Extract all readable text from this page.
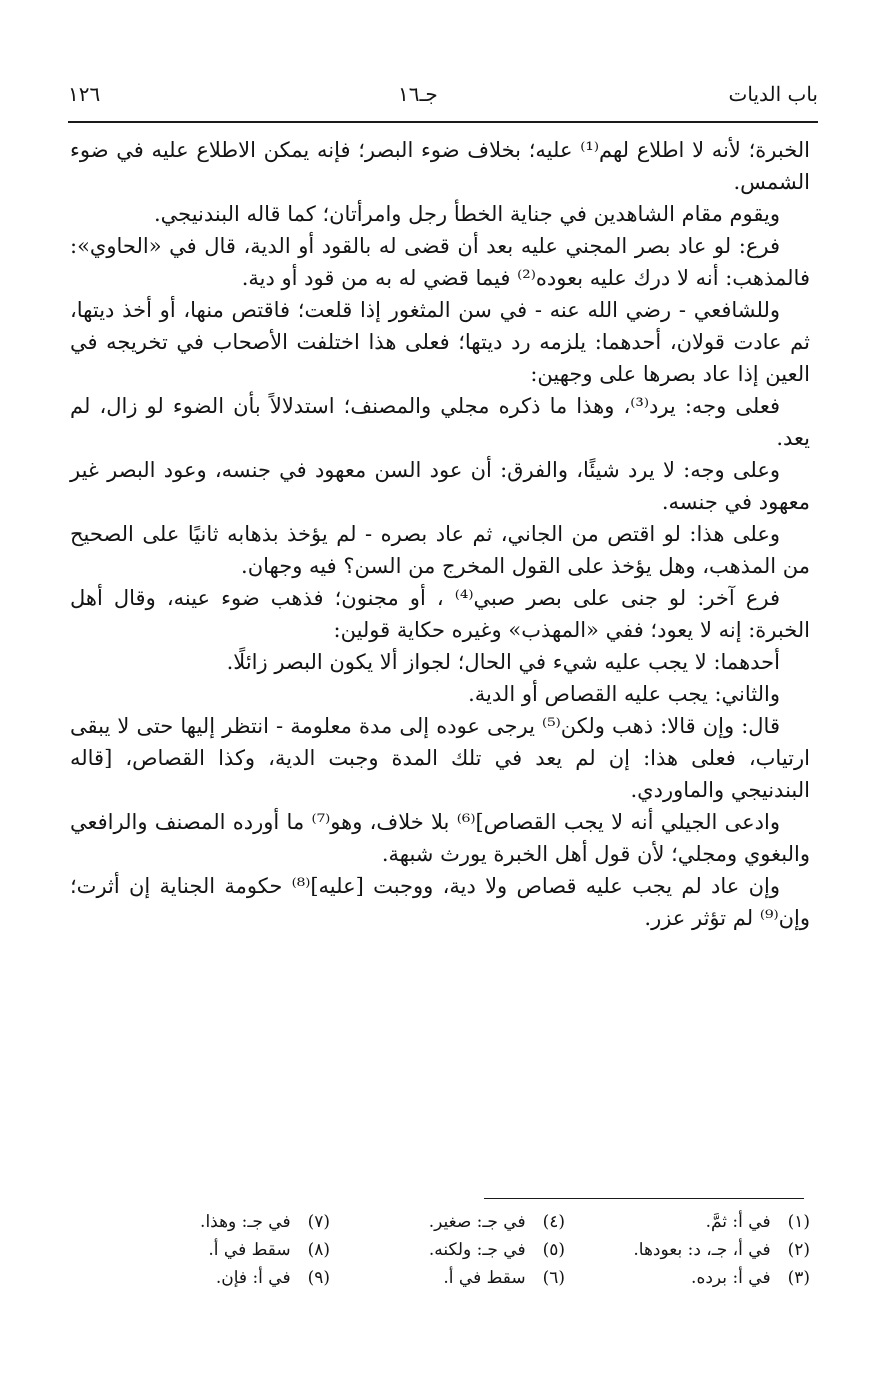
باب الديات
جـ١٦
١٢٦

الخبرة؛ لأنه لا اطلاع لهم⁽¹⁾ عليه؛ بخلاف ضوء البصر؛ فإنه يمكن الاطلاع عليه في ضوء الشمس.

ويقوم مقام الشاهدين في جناية الخطأ رجل وامرأتان؛ كما قاله البندنيجي.

فرع: لو عاد بصر المجني عليه بعد أن قضى له بالقود أو الدية، قال في «الحاوي»: فالمذهب: أنه لا درك عليه بعوده⁽²⁾ فيما قضي له به من قود أو دية.

وللشافعي - رضي الله عنه - في سن المثغور إذا قلعت؛ فاقتص منها، أو أخذ ديتها، ثم عادت قولان، أحدهما: يلزمه رد ديتها؛ فعلى هذا اختلفت الأصحاب في تخريجه في العين إذا عاد بصرها على وجهين:

فعلى وجه: يرد⁽³⁾، وهذا ما ذكره مجلي والمصنف؛ استدلالاً بأن الضوء لو زال، لم يعد.

وعلى وجه: لا يرد شيئًا، والفرق: أن عود السن معهود في جنسه، وعود البصر غير معهود في جنسه.

وعلى هذا: لو اقتص من الجاني، ثم عاد بصره - لم يؤخذ بذهابه ثانيًا على الصحيح من المذهب، وهل يؤخذ على القول المخرج من السن؟ فيه وجهان.

فرع آخر: لو جنى على بصر صبي⁽⁴⁾ ، أو مجنون؛ فذهب ضوء عينه، وقال أهل الخبرة: إنه لا يعود؛ ففي «المهذب» وغيره حكاية قولين:

أحدهما: لا يجب عليه شيء في الحال؛ لجواز ألا يكون البصر زائلًا.

والثاني: يجب عليه القصاص أو الدية.

قال: وإن قالا: ذهب ولكن⁽⁵⁾ يرجى عوده إلى مدة معلومة - انتظر إليها حتى لا يبقى ارتياب، فعلى هذا: إن لم يعد في تلك المدة وجبت الدية، وكذا القصاص، [قاله البندنيجي والماوردي.

وادعى الجيلي أنه لا يجب القصاص]⁽⁶⁾ بلا خلاف، وهو⁽⁷⁾ ما أورده المصنف والرافعي والبغوي ومجلي؛ لأن قول أهل الخبرة يورث شبهة.

وإن عاد لم يجب عليه قصاص ولا دية، ووجبت [عليه]⁽⁸⁾ حكومة الجناية إن أثرت؛ وإن⁽⁹⁾ لم تؤثر عزر.

(١) في أ: ثمَّ.
(٢) في أ، جـ، د: بعودها.
(٣) في أ: برده.
(٤) في جـ: صغير.
(٥) في جـ: ولكنه.
(٦) سقط في أ.
(٧) في جـ: وهذا.
(٨) سقط في أ.
(٩) في أ: فإن.
